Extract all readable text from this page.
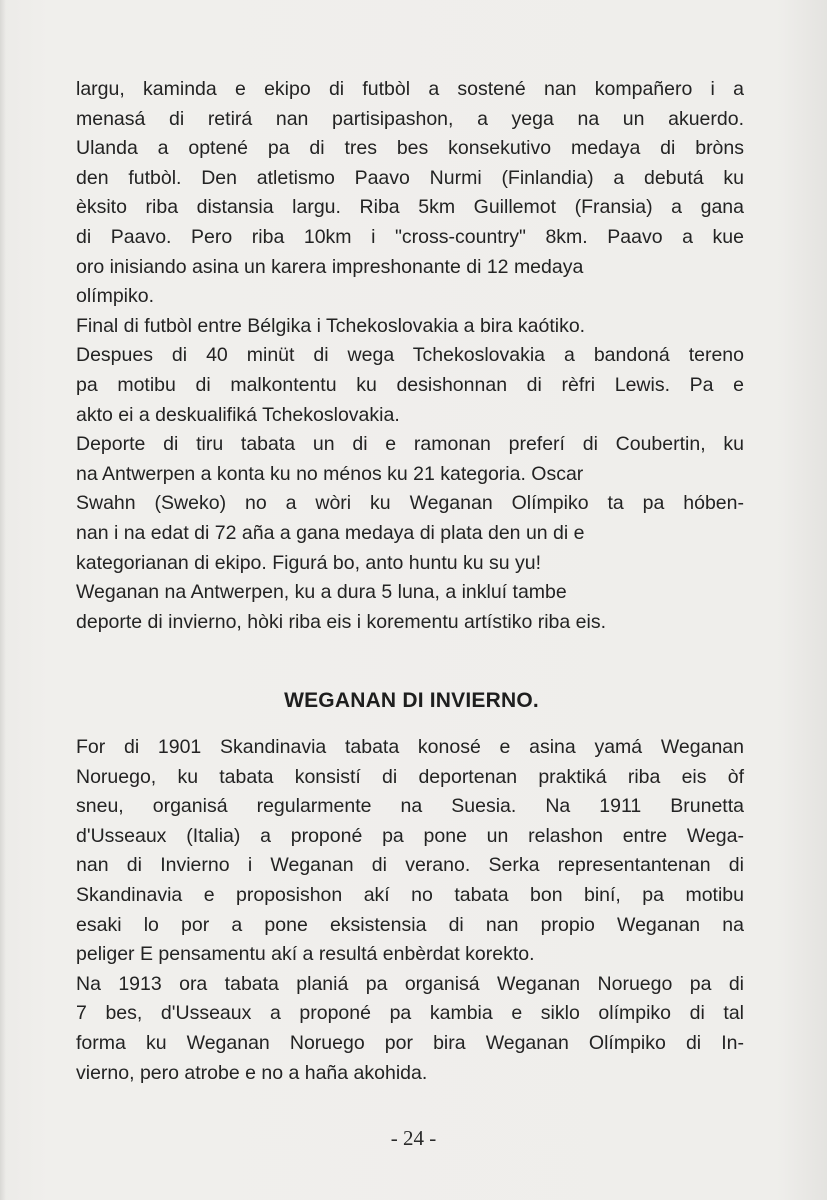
largu, kaminda e ekipo di futbòl a sostené nan kompañero i a
menasá di retirá nan partisipashon, a yega na un akuerdo.
Ulanda a optené pa di tres bes konsekutivo medaya di bròns
den futbòl. Den atletismo Paavo Nurmi (Finlandia) a debutá ku
èksito riba distansia largu. Riba 5km Guillemot (Fransia) a gana
di Paavo. Pero riba 10km i "cross-country" 8km. Paavo a kue
oro inisiando asina un karera impreshonante di 12 medaya
olímpiko.
Final di futbòl entre Bélgika i Tchekoslovakia a bira kaótiko.
Despues di 40 minüt di wega Tchekoslovakia a bandoná tereno
pa motibu di malkontentu ku desishonnan di rèfri Lewis. Pa e
akto ei a deskualifiká Tchekoslovakia.
Deporte di tiru tabata un di e ramonan preferí di Coubertin, ku
na Antwerpen a konta ku no ménos ku 21 kategoria. Oscar
Swahn (Sweko) no a wòri ku Weganan Olímpiko ta pa hóben-
nan i na edat di 72 aña a gana medaya di plata den un di e
kategorianan di ekipo. Figurá bo, anto huntu ku su yu!
Weganan na Antwerpen, ku a dura 5 luna, a inkluí tambe
deporte di invierno, hòki riba eis i korementu artístiko riba eis.
WEGANAN DI INVIERNO.
For di 1901 Skandinavia tabata konosé e asina yamá Weganan
Noruego, ku tabata konsistí di deportenan praktiká riba eis òf
sneu, organisá regularmente na Suesia. Na 1911 Brunetta
d'Usseaux (Italia) a proponé pa pone un relashon entre Wega-
nan di Invierno i Weganan di verano. Serka representantenan di
Skandinavia e proposishon akí no tabata bon biní, pa motibu
esaki lo por a pone eksistensia di nan propio Weganan na
peliger E pensamentu akí a resultá enbèrdat korekto.
Na 1913 ora tabata planiá pa organisá Weganan Noruego pa di
7 bes, d'Usseaux a proponé pa kambia e siklo olímpiko di tal
forma ku Weganan Noruego por bira Weganan Olímpiko di In-
vierno, pero atrobe e no a haña akohida.
- 24 -
